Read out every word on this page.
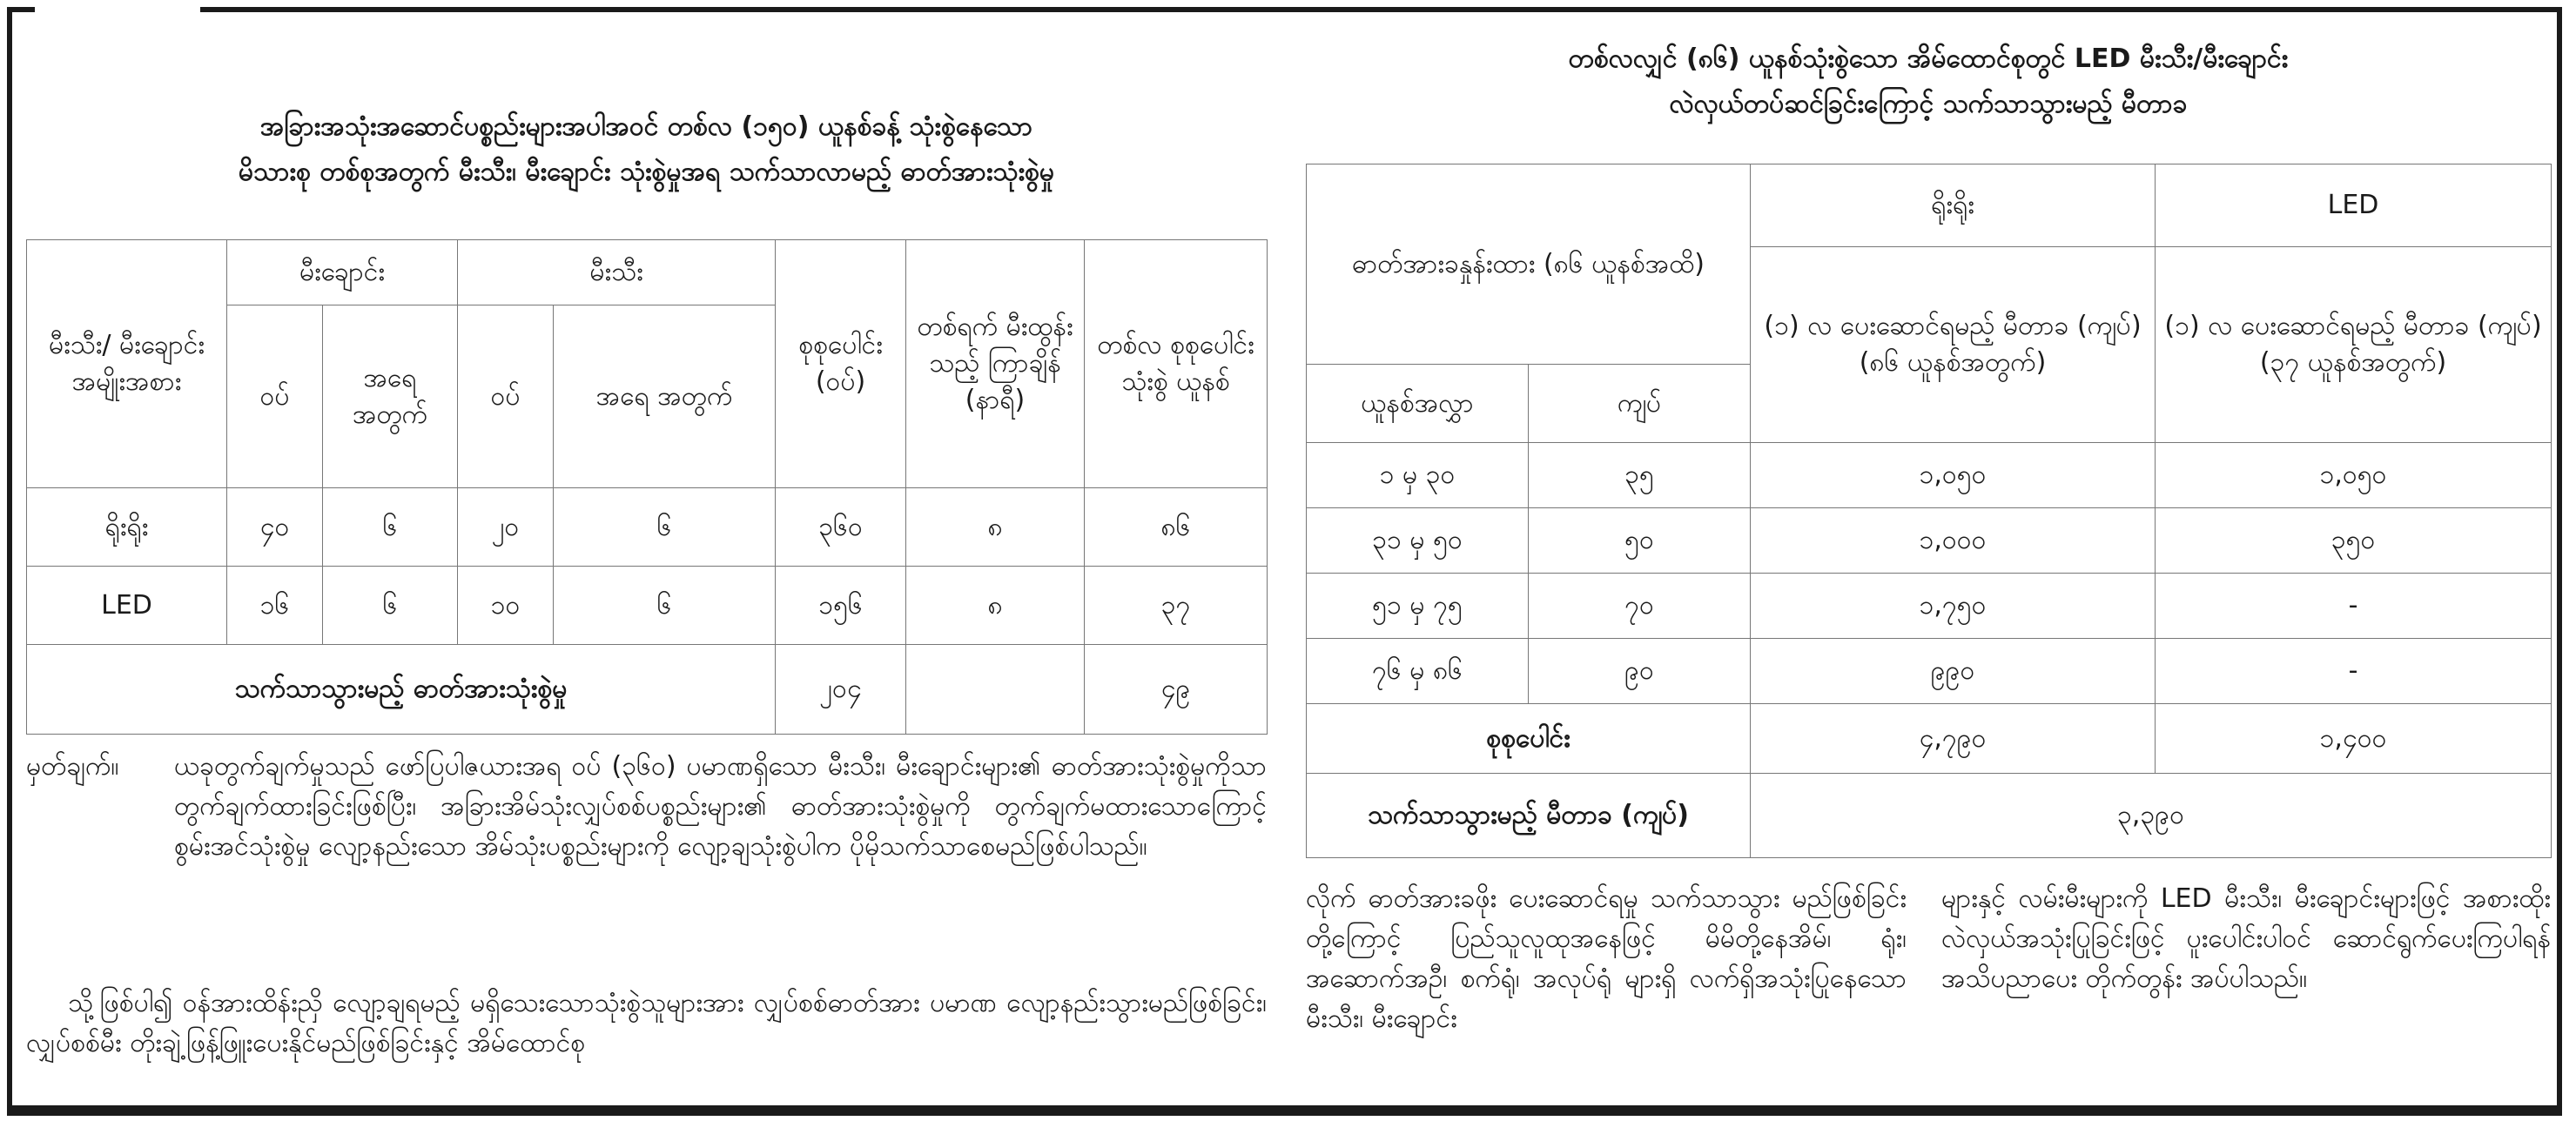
အခြားအသုံးအဆောင်ပစ္စည်းများအပါအဝင် တစ်လ (၁၅၀) ယူနစ်ခန့် သုံးစွဲနေသော
မိသားစု တစ်စုအတွက် မီးသီး၊ မီးချောင်း သုံးစွဲမှုအရ သက်သာလာမည့် ဓာတ်အားသုံးစွဲမှု
မီးသီး/ မီးချောင်း အမျိုးအစား	မီးချောင်း		မီးသီး		စုစုပေါင်း (ဝပ်)	တစ်ရက် မီးထွန်းသည့် ကြာချိန် (နာရီ)	တစ်လ စုစုပေါင်း သုံးစွဲ ယူနစ်
	ဝပ်	အရေ အတွက်	ဝပ်	အရေ အတွက်			
ရိုးရိုး	၄၀	၆	၂၀	၆	၃၆၀	၈	၈၆
LED	၁၆	၆	၁၀	၆	၁၅၆	၈	၃၇
သက်သာသွားမည့် ဓာတ်အားသုံးစွဲမှု					၂၀၄		၄၉
မှတ်ချက်။ ယခုတွက်ချက်မှုသည် ဖော်ပြပါဇယားအရ ဝပ် (၃၆၀) ပမာဏရှိသော မီးသီး၊ မီးချောင်းများ၏ ဓာတ်အားသုံးစွဲမှုကိုသာ တွက်ချက်ထားခြင်းဖြစ်ပြီး၊ အခြားအိမ်သုံးလျှပ်စစ်ပစ္စည်းများ၏ ဓာတ်အားသုံးစွဲမှုကို တွက်ချက်မထားသောကြောင့် စွမ်းအင်သုံးစွဲမှု လျော့နည်းသော အိမ်သုံးပစ္စည်းများကို လျော့ချသုံးစွဲပါက ပိုမိုသက်သာစေမည်ဖြစ်ပါသည်။
သို့ဖြစ်ပါ၍ ဝန်အားထိန်းညှိ လျော့ချရမည့် မရှိသေးသောသုံးစွဲသူများအား လျှပ်စစ်ဓာတ်အား ပမာဏ လျော့နည်းသွားမည်ဖြစ်ခြင်း၊ လျှပ်စစ်မီး တိုးချဲ့ဖြန့်ဖြူးပေးနိုင်မည်ဖြစ်ခြင်းနှင့် အိမ်ထောင်စု
တစ်လလျှင် (၈၆) ယူနစ်သုံးစွဲသော အိမ်ထောင်စုတွင် LED မီးသီး/မီးချောင်း
လဲလှယ်တပ်ဆင်ခြင်းကြောင့် သက်သာသွားမည့် မီတာခ
ဓာတ်အားခနှုန်းထား (၈၆ ယူနစ်အထိ)		ရိုးရိုး	LED
		(၁) လ ပေးဆောင်ရမည့် မီတာခ (ကျပ်) (၈၆ ယူနစ်အတွက်)	(၁) လ ပေးဆောင်ရမည့် မီတာခ (ကျပ်) (၃၇ ယူနစ်အတွက်)
ယူနစ်အလွှာ	ကျပ်		
၁ မှ ၃၀	၃၅	၁,၀၅၀	၁,၀၅၀
၃၁ မှ ၅၀	၅၀	၁,၀၀၀	၃၅၀
၅၁ မှ ၇၅	၇၀	၁,၇၅၀	-
၇၆ မှ ၈၆	၉၀	၉၉၀	-
စုစုပေါင်း		၄,၇၉၀	၁,၄၀၀
သက်သာသွားမည့် မီတာခ (ကျပ်)		၃,၃၉၀	
လိုက် ဓာတ်အားခဖိုး ပေးဆောင်ရမှု သက်သာသွား မည်ဖြစ်ခြင်းတို့ကြောင့် ပြည်သူလူထုအနေဖြင့် မိမိတို့နေအိမ်၊ ရုံး၊ အဆောက်အဦ၊ စက်ရုံ၊ အလုပ်ရုံ များရှိ လက်ရှိအသုံးပြုနေသော မီးသီး၊ မီးချောင်း
များနှင့် လမ်းမီးများကို LED မီးသီး၊ မီးချောင်းများဖြင့် အစားထိုးလဲလှယ်အသုံးပြုခြင်းဖြင့် ပူးပေါင်းပါဝင် ဆောင်ရွက်ပေးကြပါရန် အသိပညာပေး တိုက်တွန်း အပ်ပါသည်။
